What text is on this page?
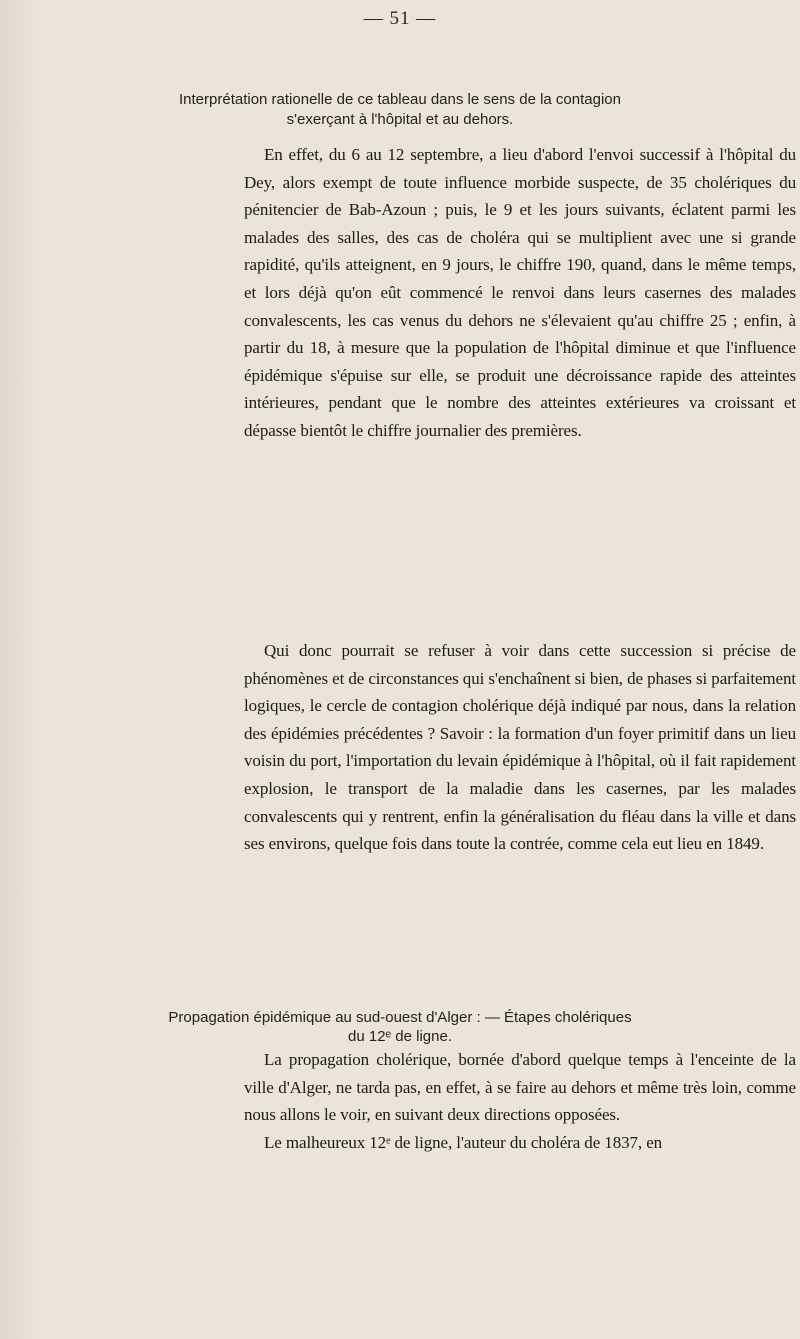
— 51 —
Interprétation rationelle de ce tableau dans le sens de la contagion
s'exerçant à l'hôpital et au dehors.

En effet, du 6 au 12 septembre, a lieu d'abord l'envoi successif à l'hôpital du Dey, alors exempt de toute influence morbide suspecte, de 35 cholériques du pénitencier de Bab-Azoun ; puis, le 9 et les jours suivants, éclatent parmi les malades des salles, des cas de choléra qui se multiplient avec une si grande rapidité, qu'ils atteignent, en 9 jours, le chiffre 190, quand, dans le même temps, et lors déjà qu'on eût commencé le renvoi dans leurs casernes des malades convalescents, les cas venus du dehors ne s'élevaient qu'au chiffre 25 ; enfin, à partir du 18, à mesure que la population de l'hôpital diminue et que l'influence épidémique s'épuise sur elle, se produit une décroissance rapide des atteintes intérieures, pendant que le nombre des atteintes extérieures va croissant et dépasse bientôt le chiffre journalier des premières.

Qui donc pourrait se refuser à voir dans cette succession si précise de phénomènes et de circonstances qui s'enchaînent si bien, de phases si parfaitement logiques, le cercle de contagion cholérique déjà indiqué par nous, dans la relation des épidémies précédentes ? Savoir : la formation d'un foyer primitif dans un lieu voisin du port, l'importation du levain épidémique à l'hôpital, où il fait rapidement explosion, le transport de la maladie dans les casernes, par les malades convalescents qui y rentrent, enfin la généralisation du fléau dans la ville et dans ses environs, quelque fois dans toute la contrée, comme cela eut lieu en 1849.

Propagation épidémique au sud-ouest d'Alger : — Étapes cholériques
du 12ᵉ de ligne.

La propagation cholérique, bornée d'abord quelque temps à l'enceinte de la ville d'Alger, ne tarda pas, en effet, à se faire au dehors et même très loin, comme nous allons le voir, en suivant deux directions opposées.

Le malheureux 12ᵉ de ligne, l'auteur du choléra de 1837, en
